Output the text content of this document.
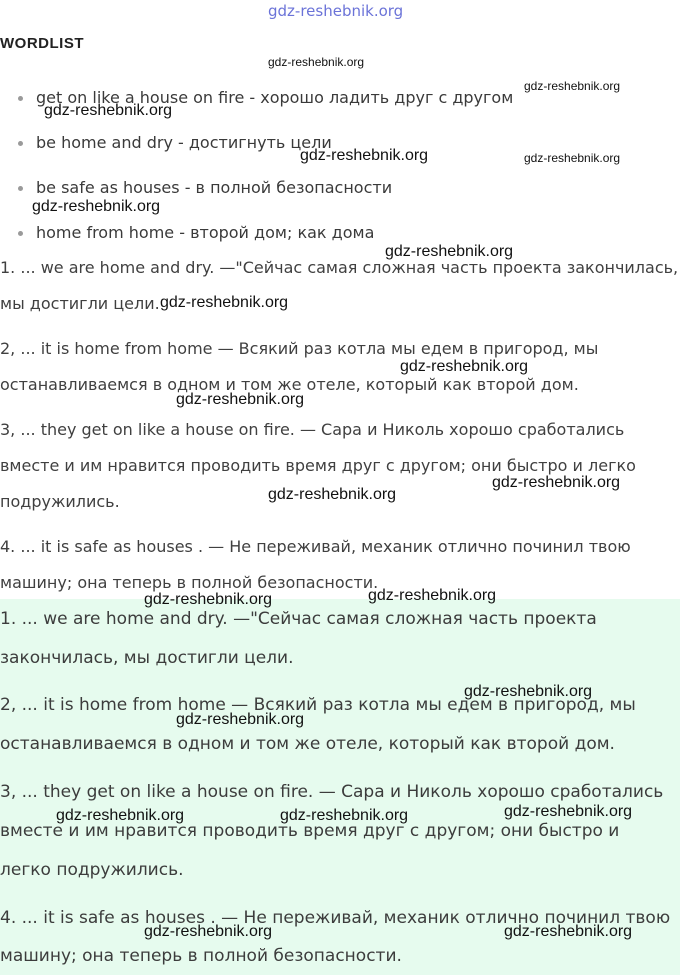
gdz-reshebnik.org
WORDLIST
get on like a house on fire - хорошо ладить друг с другом
be home and dry - достигнуть цели
be safe as houses - в полной безопасности
home from home - второй дом; как дома
1. ... we are home and dry. —"Сейчас самая сложная часть проекта закончилась,
мы достигли цели.
2, ... it is home from home — Всякий раз котла мы едем в пригород, мы
останавливаемся в одном и том же отеле, который как второй дом.
3, ... they get on like a house on fire. — Сара и Николь хорошо сработались
вместе и им нравится проводить время друг с другом; они быстро и легко
подружились.
4. ... it is safe as houses . — Не переживай, механик отлично починил твою
машину; она теперь в полной безопасности.
1. ... we are home and dry. —"Сейчас самая сложная часть проекта
закончилась, мы достигли цели.
2, ... it is home from home — Всякий раз котла мы едем в пригород, мы
останавливаемся в одном и том же отеле, который как второй дом.
3, ... they get on like a house on fire. — Сара и Николь хорошо сработались
вместе и им нравится проводить время друг с другом; они быстро и
легко подружились.
4. ... it is safe as houses . — Не переживай, механик отлично починил твою
машину; она теперь в полной безопасности.
gdz-reshebnik.org
gdz-reshebnik.org
gdz-reshebnik.org
gdz-reshebnik.org	gdz-reshebnik.org
gdz-reshebnik.org
gdz-reshebnik.org
gdz-reshebnik.org
gdz-reshebnik.org
gdz-reshebnik.org
gdz-reshebnik.org
gdz-reshebnik.org
gdz-reshebnik.org	gdz-reshebnik.org
gdz-reshebnik.org
gdz-reshebnik.org
gdz-reshebnik.org	gdz-reshebnik.org	gdz-reshebnik.org
gdz-reshebnik.org	gdz-reshebnik.org
